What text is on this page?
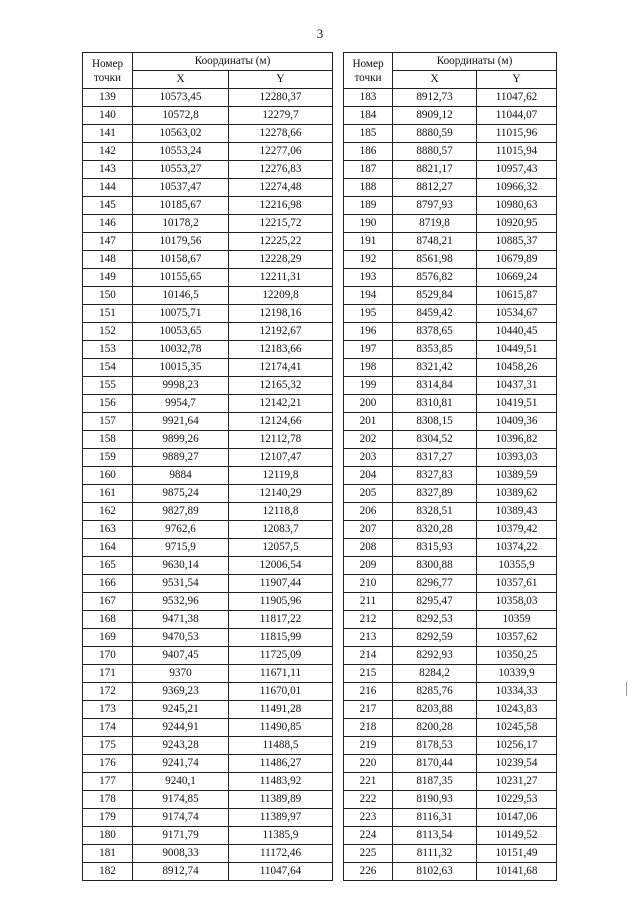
3
Номер
точки	Координаты (м)	
	X	Y
139	10573,45	12280,37
140	10572,8	12279,7
141	10563,02	12278,66
142	10553,24	12277,06
143	10553,27	12276,83
144	10537,47	12274,48
145	10185,67	12216,98
146	10178,2	12215,72
147	10179,56	12225,22
148	10158,67	12228,29
149	10155,65	12211,31
150	10146,5	12209,8
151	10075,71	12198,16
152	10053,65	12192,67
153	10032,78	12183,66
154	10015,35	12174,41
155	9998,23	12165,32
156	9954,7	12142,21
157	9921,64	12124,66
158	9899,26	12112,78
159	9889,27	12107,47
160	9884	12119,8
161	9875,24	12140,29
162	9827,89	12118,8
163	9762,6	12083,7
164	9715,9	12057,5
165	9630,14	12006,54
166	9531,54	11907,44
167	9532,96	11905,96
168	9471,38	11817,22
169	9470,53	11815,99
170	9407,45	11725,09
171	9370	11671,11
172	9369,23	11670,01
173	9245,21	11491,28
174	9244,91	11490,85
175	9243,28	11488,5
176	9241,74	11486,27
177	9240,1	11483,92
178	9174,85	11389,89
179	9174,74	11389,97
180	9171,79	11385,9
181	9008,33	11172,46
182	8912,74	11047,64
Номер
точки	Координаты (м)	
	X	Y
183	8912,73	11047,62
184	8909,12	11044,07
185	8880,59	11015,96
186	8880,57	11015,94
187	8821,17	10957,43
188	8812,27	10966,32
189	8797,93	10980,63
190	8719,8	10920,95
191	8748,21	10885,37
192	8561,98	10679,89
193	8576,82	10669,24
194	8529,84	10615,87
195	8459,42	10534,67
196	8378,65	10440,45
197	8353,85	10449,51
198	8321,42	10458,26
199	8314,84	10437,31
200	8310,81	10419,51
201	8308,15	10409,36
202	8304,52	10396,82
203	8317,27	10393,03
204	8327,83	10389,59
205	8327,89	10389,62
206	8328,51	10389,43
207	8320,28	10379,42
208	8315,93	10374,22
209	8300,88	10355,9
210	8296,77	10357,61
211	8295,47	10358,03
212	8292,53	10359
213	8292,59	10357,62
214	8292,93	10350,25
215	8284,2	10339,9
216	8285,76	10334,33
217	8203,88	10243,83
218	8200,28	10245,58
219	8178,53	10256,17
220	8170,44	10239,54
221	8187,35	10231,27
222	8190,93	10229,53
223	8116,31	10147,06
224	8113,54	10149,52
225	8111,32	10151,49
226	8102,63	10141,68
